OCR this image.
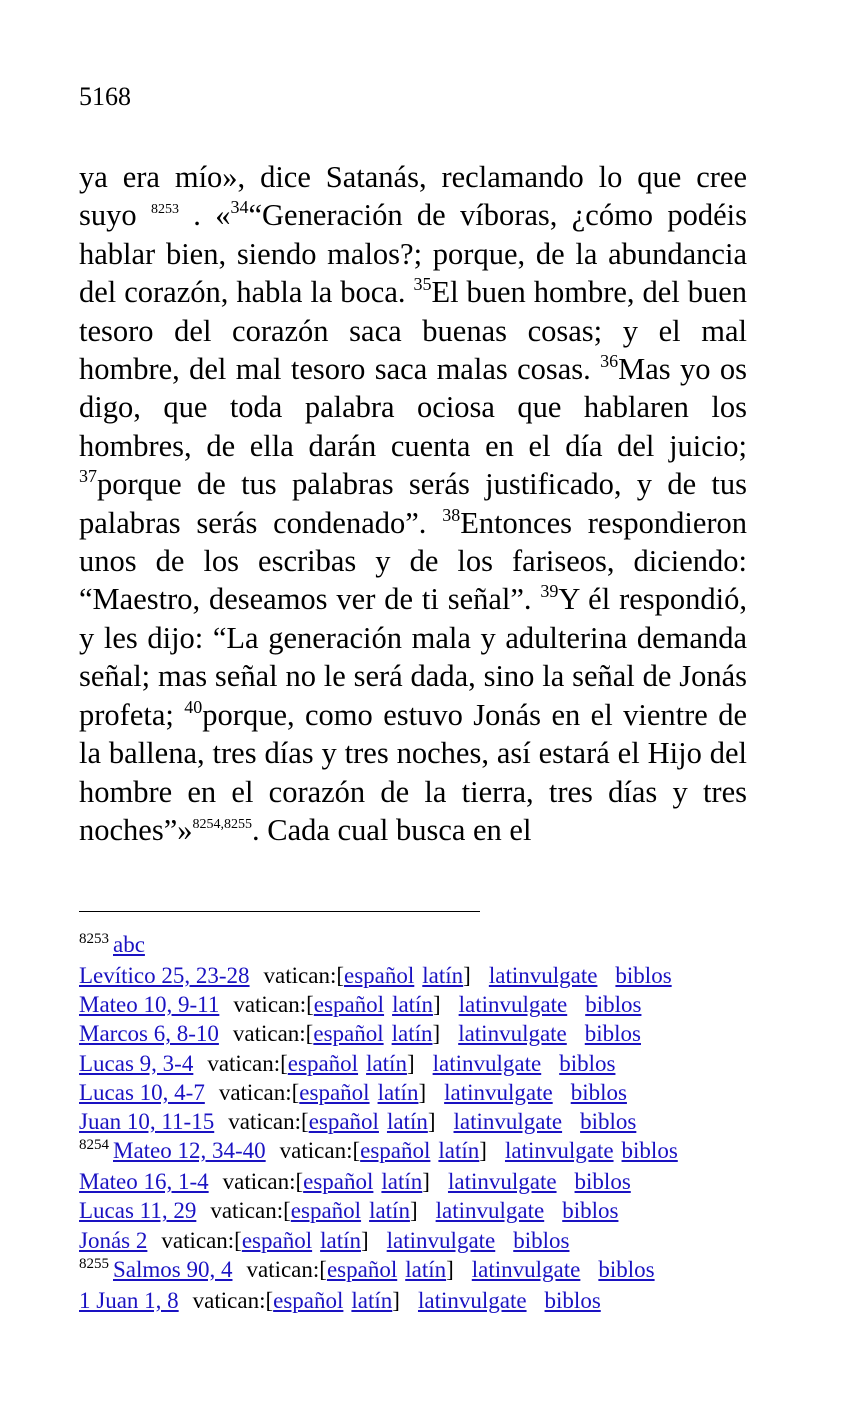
5168

ya era mío», dice Satanás, reclamando lo que cree suyo $^{8253}$ . «$^{34}$“Generación de víboras, ¿cómo podéis hablar bien, siendo malos?; porque, de la abundancia del corazón, habla la boca. $^{35}$El buen hombre, del buen tesoro del corazón saca buenas cosas; y el mal hombre, del mal tesoro saca malas cosas. $^{36}$Mas yo os digo, que toda palabra ociosa que hablaren los hombres, de ella darán cuenta en el día del juicio; $^{37}$porque de tus palabras serás justificado, y de tus palabras serás condenado”. $^{38}$Entonces respondieron unos de los escribas y de los fariseos, diciendo: “Maestro, deseamos ver de ti señal”. $^{39}$Y él respondió, y les dijo: “La generación mala y adulterina demanda señal; mas señal no le será dada, sino la señal de Jonás profeta; $^{40}$porque, como estuvo Jonás en el vientre de la ballena, tres días y tres noches, así estará el Hijo del hombre en el corazón de la tierra, tres días y tres noches”»$^{8254,8255}$. Cada cual busca en el

$^{8253}$ abc
Levítico 25, 23-28 vatican:[español latín] latinvulgate biblos
Mateo 10, 9-11 vatican:[español latín] latinvulgate biblos
Marcos 6, 8-10 vatican:[español latín] latinvulgate biblos
Lucas 9, 3-4 vatican:[español latín] latinvulgate biblos
Lucas 10, 4-7 vatican:[español latín] latinvulgate biblos
Juan 10, 11-15 vatican:[español latín] latinvulgate biblos
$^{8254}$ Mateo 12, 34-40 vatican:[español latín] latinvulgate biblos
Mateo 16, 1-4 vatican:[español latín] latinvulgate biblos
Lucas 11, 29 vatican:[español latín] latinvulgate biblos
Jonás 2 vatican:[español latín] latinvulgate biblos
$^{8255}$ Salmos 90, 4 vatican:[español latín] latinvulgate biblos
1 Juan 1, 8 vatican:[español latín] latinvulgate biblos
